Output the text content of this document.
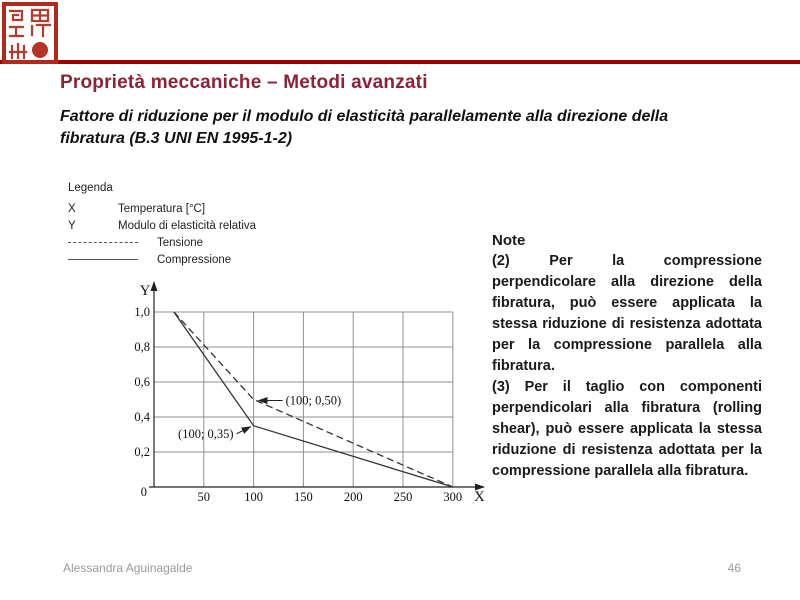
Proprietà meccaniche – Metodi avanzati
Fattore di riduzione per il modulo di elasticità parallelamente alla direzione della fibratura (B.3 UNI EN 1995-1-2)
Legenda
X	Temperatura [°C]
Y	Modulo di elasticità relativa
Tensione
Compressione
1,0
0,8
0,6
0,4
0,2
50	100 150 200 250 300
0
Y
X
(100; 0,50)
(100; 0,35)
Note
(2) Per la compressione perpendicolare alla direzione della fibratura, può essere applicata la stessa riduzione di resistenza adottata per la compressione parallela alla fibratura.
(3) Per il taglio con componenti perpendicolari alla fibratura (rolling shear), può essere applicata la stessa riduzione di resistenza adottata per la compressione parallela alla fibratura.
Alessandra Aguinagalde	46
